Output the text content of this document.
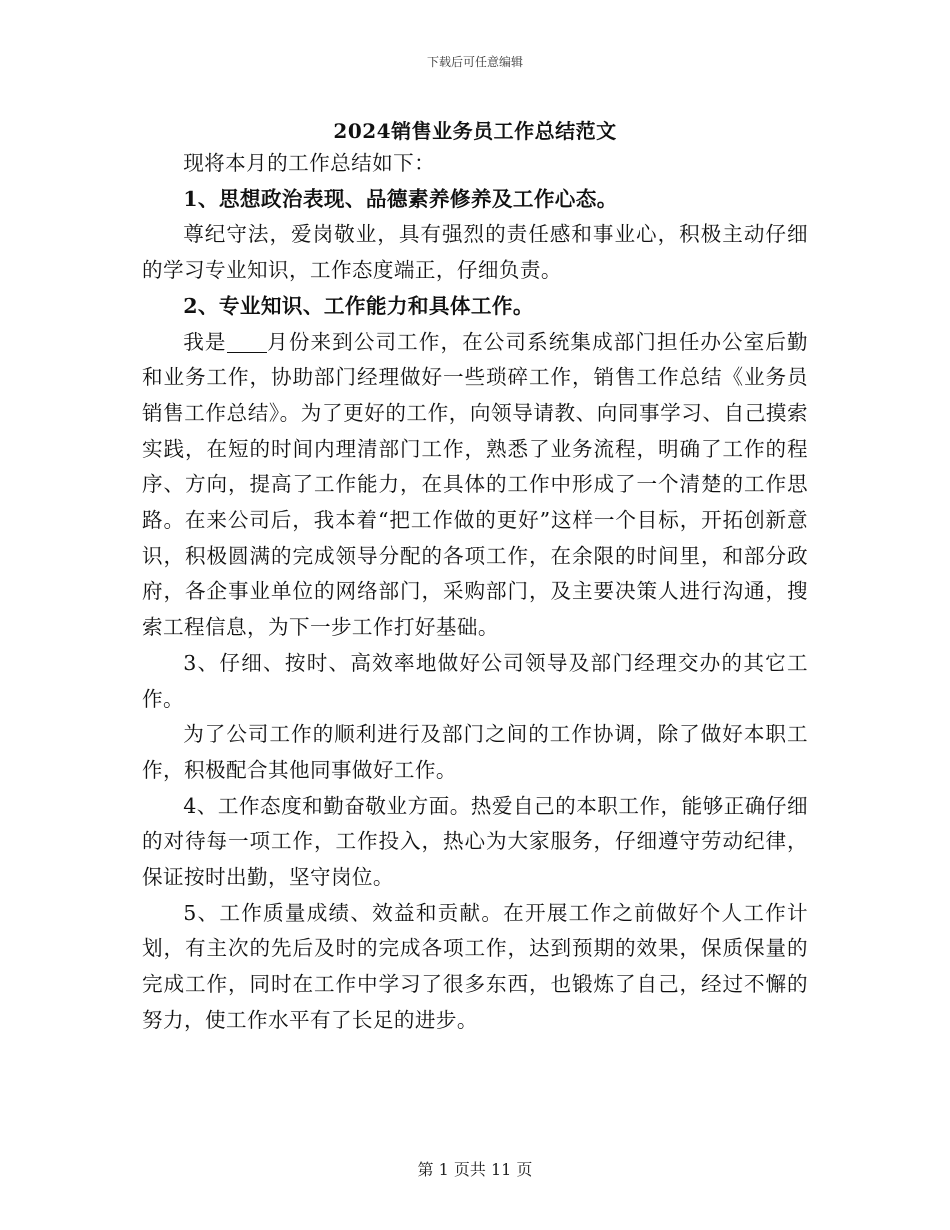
下载后可任意编辑
2024销售业务员工作总结范文

现将本月的工作总结如下：

1、思想政治表现、品德素养修养及工作心态。

尊纪守法，爱岗敬业，具有强烈的责任感和事业心，积极主动仔细的学习专业知识，工作态度端正，仔细负责。

2、专业知识、工作能力和具体工作。

我是 月份来到公司工作，在公司系统集成部门担任办公室后勤和业务工作，协助部门经理做好一些琐碎工作，销售工作总结《业务员销售工作总结》。为了更好的工作，向领导请教、向同事学习、自己摸索实践，在短的时间内理清部门工作，熟悉了业务流程，明确了工作的程序、方向，提高了工作能力，在具体的工作中形成了一个清楚的工作思路。在来公司后，我本着“把工作做的更好”这样一个目标，开拓创新意识，积极圆满的完成领导分配的各项工作，在余限的时间里，和部分政府，各企事业单位的网络部门，采购部门，及主要决策人进行沟通，搜索工程信息，为下一步工作打好基础。

3、仔细、按时、高效率地做好公司领导及部门经理交办的其它工作。

为了公司工作的顺利进行及部门之间的工作协调，除了做好本职工作，积极配合其他同事做好工作。

4、工作态度和勤奋敬业方面。热爱自己的本职工作，能够正确仔细的对待每一项工作，工作投入，热心为大家服务，仔细遵守劳动纪律，保证按时出勤，坚守岗位。

5、工作质量成绩、效益和贡献。在开展工作之前做好个人工作计划，有主次的先后及时的完成各项工作，达到预期的效果，保质保量的完成工作，同时在工作中学习了很多东西，也锻炼了自己，经过不懈的努力，使工作水平有了长足的进步。

第 1 页共 11 页
